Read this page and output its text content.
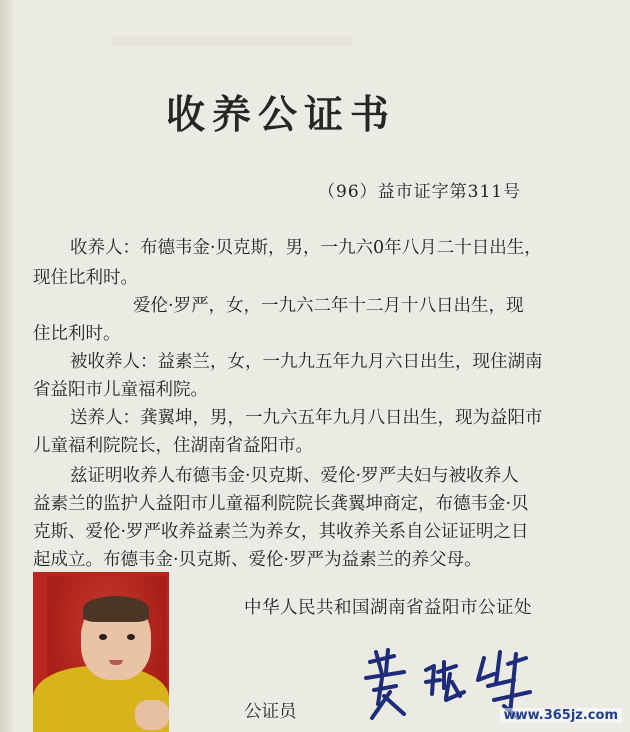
收养公证书
（96）益市证字第311号
收养人：布德韦金·贝克斯，男，一九六0年八月二十日出生，
现住比利时。
爱伦·罗严，女，一九六二年十二月十八日出生，现
住比利时。
被收养人：益素兰，女，一九九五年九月六日出生，现住湖南
省益阳市儿童福利院。
送养人：龚翼坤，男，一九六五年九月八日出生，现为益阳市
儿童福利院院长，住湖南省益阳市。
兹证明收养人布德韦金·贝克斯、爱伦·罗严夫妇与被收养人
益素兰的监护人益阳市儿童福利院院长龚翼坤商定，布德韦金·贝
克斯、爱伦·罗严收养益素兰为养女，其收养关系自公证证明之日
起成立。布德韦金·贝克斯、爱伦·罗严为益素兰的养父母。
中华人民共和国湖南省益阳市公证处
公证员	www.365jz.com
